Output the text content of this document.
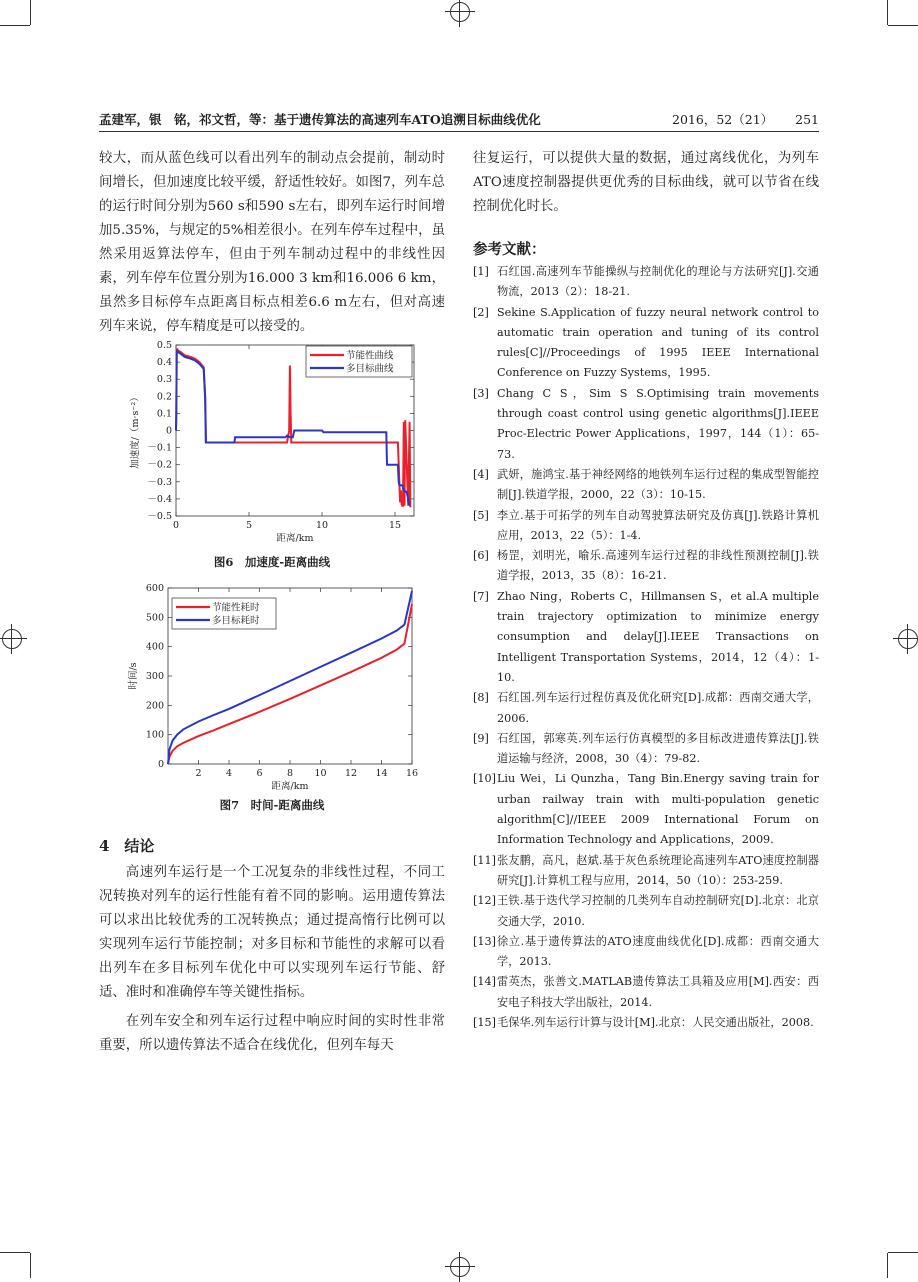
孟建军，银　铭，祁文哲，等：基于遗传算法的高速列车ATO追溯目标曲线优化	2016，52（21） 251

较大，而从蓝色线可以看出列车的制动点会提前，制动时间增长，但加速度比较平缓，舒适性较好。如图7，列车总的运行时间分别为560 s和590 s左右，即列车运行时间增加5.35%，与规定的5%相差很小。在列车停车过程中，虽然采用返算法停车，但由于列车制动过程中的非线性因素，列车停车位置分别为16.000 3 km和16.006 6 km，虽然多目标停车点距离目标点相差6.6 m左右，但对高速列车来说，停车精度是可以接受的。

0.5
0.4
0.3
0.2
0.1
0
－0.1
－0.2
－0.3
－0.4
－0.5
0	5	10	15
距离/km
加速度/（m·s⁻²）
节能性曲线
多目标曲线
图6　加速度-距离曲线
0
100
200
300
400
500
600
2	4	6	8 10 12 14 16
距离/km
时间/s
节能性耗时
多目标耗时
图7　时间-距离曲线
4　结论

高速列车运行是一个工况复杂的非线性过程，不同工况转换对列车的运行性能有着不同的影响。运用遗传算法可以求出比较优秀的工况转换点；通过提高惰行比例可以实现列车运行节能控制；对多目标和节能性的求解可以看出列车在多目标列车优化中可以实现列车运行节能、舒适、准时和准确停车等关键性指标。

在列车安全和列车运行过程中响应时间的实时性非常重要，所以遗传算法不适合在线优化，但列车每天

往复运行，可以提供大量的数据，通过离线优化，为列车ATO速度控制器提供更优秀的目标曲线，就可以节省在线控制优化时长。

参考文献：
[1] 石红国.高速列车节能操纵与控制优化的理论与方法研究[J].交通物流，2013（2）：18-21.
[2] Sekine S.Application of fuzzy neural network control to automatic train operation and tuning of its control rules[C]//Proceedings of 1995 IEEE International Conference on Fuzzy Systems，1995.
[3] Chang C S，Sim S S.Optimising train movements through coast control using genetic algorithms[J].IEEE Proc-Electric Power Applications，1997，144（1）：65-73.
[4] 武妍，施鸿宝.基于神经网络的地铁列车运行过程的集成型智能控制[J].铁道学报，2000，22（3）：10-15.
[5] 李立.基于可拓学的列车自动驾驶算法研究及仿真[J].铁路计算机应用，2013，22（5）：1-4.
[6] 杨罡，刘明光，喻乐.高速列车运行过程的非线性预测控制[J].铁道学报，2013，35（8）：16-21.
[7] Zhao Ning，Roberts C，Hillmansen S，et al.A multiple train trajectory optimization to minimize energy consumption and delay[J].IEEE Transactions on Intelligent Transportation Systems，2014，12（4）：1-10.
[8] 石红国.列车运行过程仿真及优化研究[D].成都：西南交通大学，2006.
[9] 石红国，郭寒英.列车运行仿真模型的多目标改进遗传算法[J].铁道运输与经济，2008，30（4）：79-82.
[10] Liu Wei，Li Qunzha，Tang Bin.Energy saving train for urban railway train with multi-population genetic algorithm[C]//IEEE 2009 International Forum on Information Technology and Applications，2009.
[11] 张友鹏，高凡，赵斌.基于灰色系统理论高速列车ATO速度控制器研究[J].计算机工程与应用，2014，50（10）：253-259.
[12] 王铁.基于迭代学习控制的几类列车自动控制研究[D].北京：北京交通大学，2010.
[13] 徐立.基于遗传算法的ATO速度曲线优化[D].成都：西南交通大学，2013.
[14] 雷英杰，张善文.MATLAB遗传算法工具箱及应用[M].西安：西安电子科技大学出版社，2014.
[15] 毛保华.列车运行计算与设计[M].北京：人民交通出版社，2008.
